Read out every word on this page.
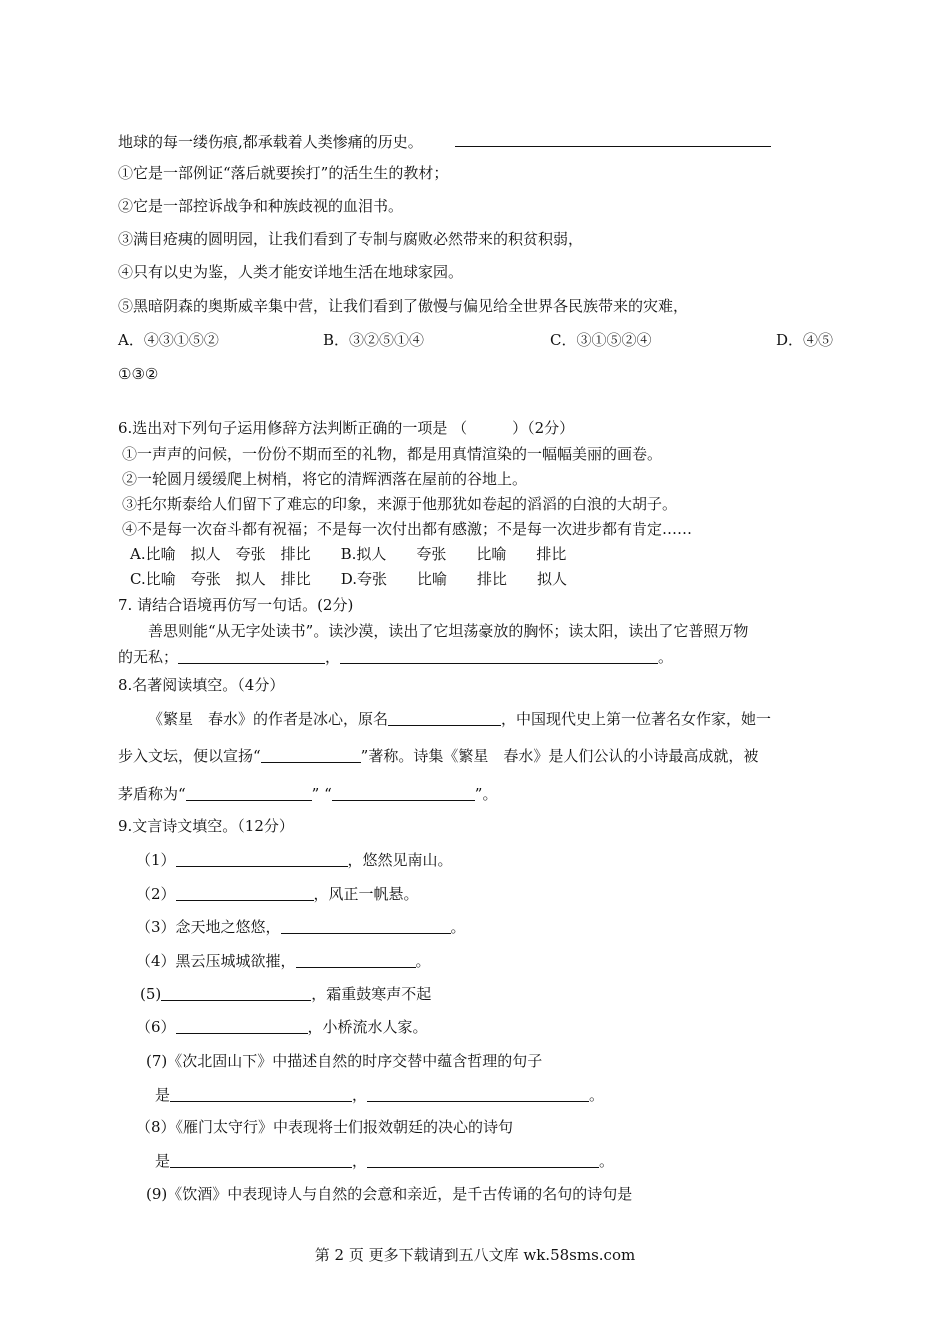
地球的每一缕伤痕,都承载着人类惨痛的历史。
①它是一部例证“落后就要挨打”的活生生的教材；
②它是一部控诉战争和种族歧视的血泪书。
③满目疮痍的圆明园，让我们看到了专制与腐败必然带来的积贫积弱，
④只有以史为鉴，人类才能安详地生活在地球家园。
⑤黑暗阴森的奥斯威辛集中营，让我们看到了傲慢与偏见给全世界各民族带来的灾难，
A．④③①⑤②	B．③②⑤①④	C．③①⑤②④	D．④⑤
①③②
6.选出对下列句子运用修辞方法判断正确的一项是 （　　　）（2分）
①一声声的问候，一份份不期而至的礼物，都是用真情渲染的一幅幅美丽的画卷。
②一轮圆月缓缓爬上树梢，将它的清辉洒落在屋前的谷地上。
③托尔斯泰给人们留下了难忘的印象，来源于他那犹如卷起的滔滔的白浪的大胡子。
④不是每一次奋斗都有祝福；不是每一次付出都有感激；不是每一次进步都有肯定……
A.比喻　拟人　夸张　排比　　B.拟人　　夸张　　比喻　　排比
C.比喻　夸张　拟人　排比　　D.夸张　　比喻　　排比　　拟人
7. 请结合语境再仿写一句话。(2分)
善思则能“从无字处读书”。读沙漠，读出了它坦荡豪放的胸怀；读太阳，读出了它普照万物
的无私；	，	。
8.名著阅读填空。（4分）
《繁星　春水》的作者是冰心，原名	，中国现代史上第一位著名女作家，她一
步入文坛，便以宣扬“	”著称。诗集《繁星　春水》是人们公认的小诗最高成就，被
茅盾称为“	” “	”。
9.文言诗文填空。（12分）
（1）	，悠然见南山。
（2）	，风正一帆悬。
（3）念天地之悠悠，	。
（4）黑云压城城欲摧，	。
(5)	，霜重鼓寒声不起
（6）	，小桥流水人家。
(7)《次北固山下》中描述自然的时序交替中蕴含哲理的句子
是	，	。
（8）《雁门太守行》中表现将士们报效朝廷的决心的诗句
是	，	。
(9)《饮酒》中表现诗人与自然的会意和亲近，是千古传诵的名句的诗句是
第 2 页 更多下载请到五八文库 wk.58sms.com
